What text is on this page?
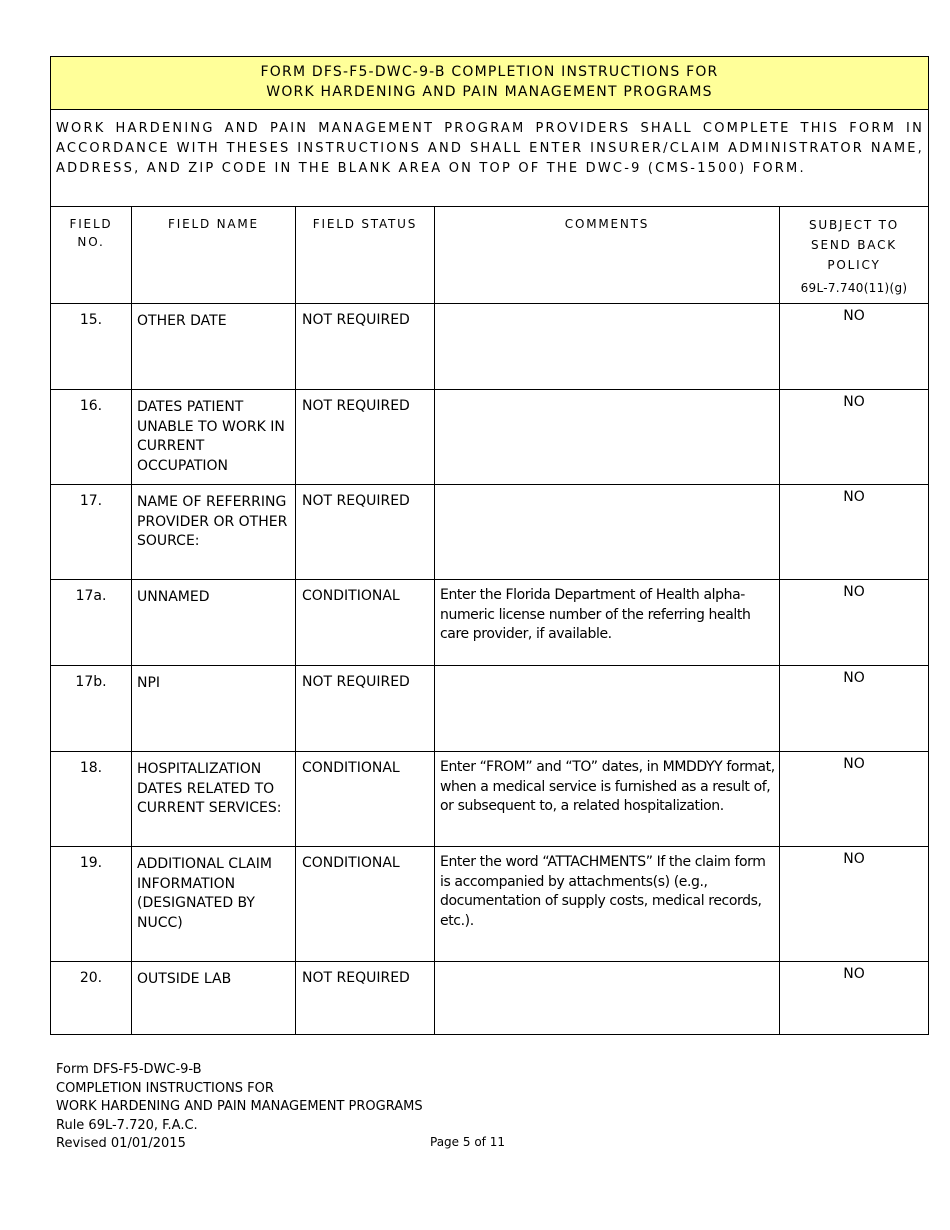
FORM DFS-F5-DWC-9-B COMPLETION INSTRUCTIONS FOR
WORK HARDENING AND PAIN MANAGEMENT PROGRAMS				

WORK HARDENING AND PAIN MANAGEMENT PROGRAM PROVIDERS SHALL COMPLETE THIS FORM IN ACCORDANCE WITH THESES INSTRUCTIONS AND SHALL ENTER INSURER/CLAIM ADMINISTRATOR NAME, ADDRESS, AND ZIP CODE IN THE BLANK AREA ON TOP OF THE DWC-9 (CMS-1500) FORM.				

FIELD NO.	FIELD NAME	FIELD STATUS	COMMENTS	SUBJECT TO SEND BACK POLICY
69L-7.740(11)(g)

15.	OTHER DATE	NOT REQUIRED		NO
16.	DATES PATIENT UNABLE TO WORK IN CURRENT OCCUPATION	NOT REQUIRED		NO
17.	NAME OF REFERRING PROVIDER OR OTHER SOURCE:	NOT REQUIRED		NO
17a.	UNNAMED	CONDITIONAL	Enter the Florida Department of Health alpha-numeric license number of the referring health care provider, if available.	NO
17b.	NPI	NOT REQUIRED		NO
18.	HOSPITALIZATION DATES RELATED TO CURRENT SERVICES:	CONDITIONAL	Enter “FROM” and “TO” dates, in MMDDYY format, when a medical service is furnished as a result of, or subsequent to, a related hospitalization.	NO
19.	ADDITIONAL CLAIM INFORMATION (DESIGNATED BY NUCC)	CONDITIONAL	Enter the word “ATTACHMENTS” If the claim form is accompanied by attachments(s) (e.g., documentation of supply costs, medical records, etc.).	NO
20.	OUTSIDE LAB	NOT REQUIRED		NO
Form DFS-F5-DWC-9-B
COMPLETION INSTRUCTIONS FOR
WORK HARDENING AND PAIN MANAGEMENT PROGRAMS
Rule 69L-7.720, F.A.C.
Revised 01/01/2015	Page 5 of 11
